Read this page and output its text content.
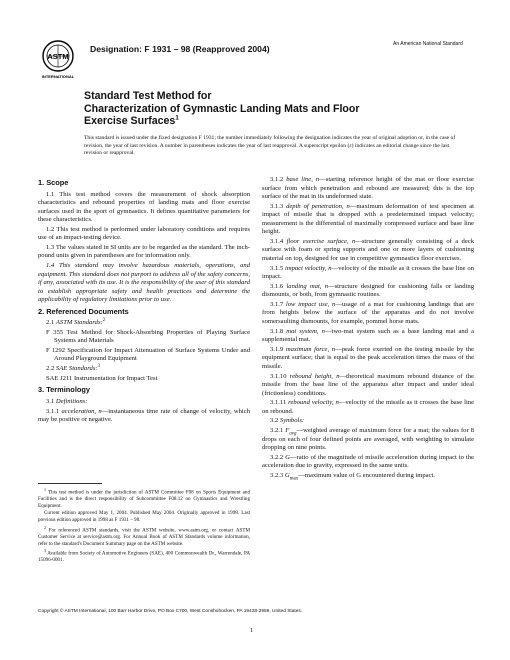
ASTM
INTERNATIONAL
Designation: F 1931 – 98 (Reapproved 2004)	An American National Standard
Standard Test Method for
Characterization of Gymnastic Landing Mats and Floor
Exercise Surfaces$^1$
This standard is issued under the fixed designation F 1931; the number immediately following the designation indicates the year of original adoption or, in the case of revision, the year of last revision. A number in parentheses indicates the year of last reapproval. A superscript epsilon (ε) indicates an editorial change since the last revision or reapproval.
1. Scope

1.1 This test method covers the measurement of shock absorption characteristics and rebound properties of landing mats and floor exercise surfaces used in the sport of gymnastics. It defines quantitative parameters for these characteristics.

1.2 This test method is performed under laboratory conditions and requires use of an impact-testing device.

1.3 The values stated in SI units are to be regarded as the standard. The inch-pound units given in parentheses are for information only.

1.4 This standard may involve hazardous materials, operations, and equipment. This standard does not purport to address all of the safety concerns, if any, associated with its use. It is the responsibility of the user of this standard to establish appropriate safety and health practices and determine the applicability of regulatory limitations prior to use.

2. Referenced Documents

2.1 ASTM Standards:$^2$

F 355 Test Method for Shock-Absorbing Properties of Playing Surface Systems and Materials

F 1292 Specification for Impact Attenuation of Surface Systems Under and Around Playground Equipment

2.2 SAE Standards:$^3$

SAE J211 Instrumentation for Impact Test

3. Terminology

3.1 Definitions:

3.1.1 acceleration, n—instantaneous time rate of change of velocity, which may be positive or negative.

3.1.2 base line, n—starting reference height of the mat or floor exercise surface from which penetration and rebound are measured; this is the top surface of the mat in its undeformed state.

3.1.3 depth of penetration, n—maximum deformation of test specimen at impact of missile that is dropped with a predetermined impact velocity; measurement is the differential of maximally compressed surface and base line height.

3.1.4 floor exercise surface, n—structure generally consisting of a deck surface with foam or spring supports and one or more layers of cushioning material on top, designed for use in competitive gymnastics floor exercises.

3.1.5 impact velocity, n—velocity of the missile as it crosses the base line on impact.

3.1.6 landing mat, n—structure designed for cushioning falls or landing dismounts, or both, from gymnastic routines.

3.1.7 low impact use, n—usage of a mat for cushioning landings that are from heights below the surface of the apparatus and do not involve somersaulting dismounts, for example, pommel horse mats.

3.1.8 mat system, n—two-mat system such as a base landing mat and a supplemental mat.

3.1.9 maximum force, n—peak force exerted on the testing missile by the equipment surface; that is equal to the peak acceleration times the mass of the missile.

3.1.10 rebound height, n—theoretical maximum rebound distance of the missile from the base line of the apparatus after impact and under ideal (frictionless) conditions.

3.1.11 rebound velocity, n—velocity of the missile as it crosses the base line on rebound.

3.2 Symbols:

3.2.1 $F_{avg}—weighted$ average of maximum force for a mat; the values for 8 drops on each of four defined points are averaged, with weighting to simulate dropping on nine points.

3.2.2 G—ratio of the magnitude of missile acceleration during impact to the acceleration due to gravity, expressed in the same units.

3.2.3 $G_{max}—maximum$ value of G encountered during impact.

$^1$ This test method is under the jurisdiction of ASTM Committee F08 on Sports Equipment and Facilities and is the direct responsibility of Subcommittee F08.12 on Gymnastics and Wrestling Equipment.

Current edition approved May 1, 2004. Published May 2004. Originally approved in 1998. Last previous edition approved in 1998 as F 1931 – 98.

$^2$ For referenced ASTM standards, visit the ASTM website, www.astm.org, or contact ASTM Customer Service at service@astm.org. For Annual Book of ASTM Standards volume information, refer to the standard's Document Summary page on the ASTM website.

$^3$ Available from Society of Automotive Engineers (SAE), 400 Commonwealth Dr., Warrendale, PA 15096-0001.

Copyright © ASTM International, 100 Barr Harbor Drive, PO Box C700, West Conshohocken, PA 19428-2959, United States.
1
